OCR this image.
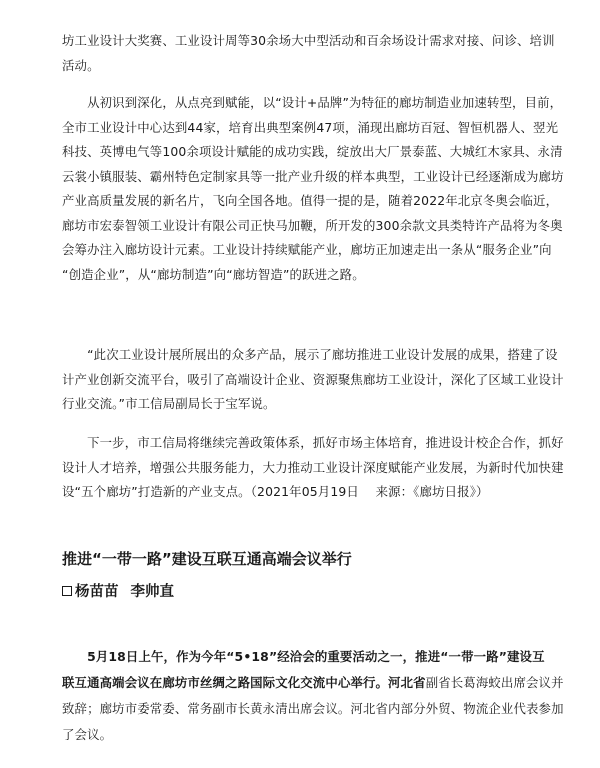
坊工业设计大奖赛、工业设计周等30余场大中型活动和百余场设计需求对接、问诊、培训
活动。

　　从初识到深化，从点亮到赋能，以“设计+品牌”为特征的廊坊制造业加速转型，目前，
全市工业设计中心达到44家，培育出典型案例47项，涌现出廊坊百冠、智恒机器人、翌光
科技、英博电气等100余项设计赋能的成功实践，绽放出大厂景泰蓝、大城红木家具、永清
云裳小镇服装、霸州特色定制家具等一批产业升级的样本典型，工业设计已经逐渐成为廊坊
产业高质量发展的新名片，飞向全国各地。值得一提的是，随着2022年北京冬奥会临近，
廊坊市宏泰智领工业设计有限公司正快马加鞭，所开发的300余款文具类特许产品将为冬奥
会筹办注入廊坊设计元素。工业设计持续赋能产业，廊坊正加速走出一条从“服务企业”向
“创造企业”，从“廊坊制造”向“廊坊智造”的跃进之路。

　　“此次工业设计展所展出的众多产品，展示了廊坊推进工业设计发展的成果，搭建了设
计产业创新交流平台，吸引了高端设计企业、资源聚焦廊坊工业设计，深化了区域工业设计
行业交流。”市工信局副局长于宝军说。

　　下一步，市工信局将继续完善政策体系，抓好市场主体培育，推进设计校企合作，抓好
设计人才培养，增强公共服务能力，大力推动工业设计深度赋能产业发展，为新时代加快建
设“五个廊坊”打造新的产业支点。（2021年05月19日　 来源：《廊坊日报》）

推进“一带一路”建设互联互通高端会议举行
杨苗苗 李帅直

　　5月18日上午，作为今年“5•18”经洽会的重要活动之一，推进“一带一路”建设互
联互通高端会议在廊坊市丝绸之路国际文化交流中心举行。河北省副省长葛海蛟出席会议并
致辞；廊坊市委常委、常务副市长黄永清出席会议。河北省内部分外贸、物流企业代表参加
了会议。
